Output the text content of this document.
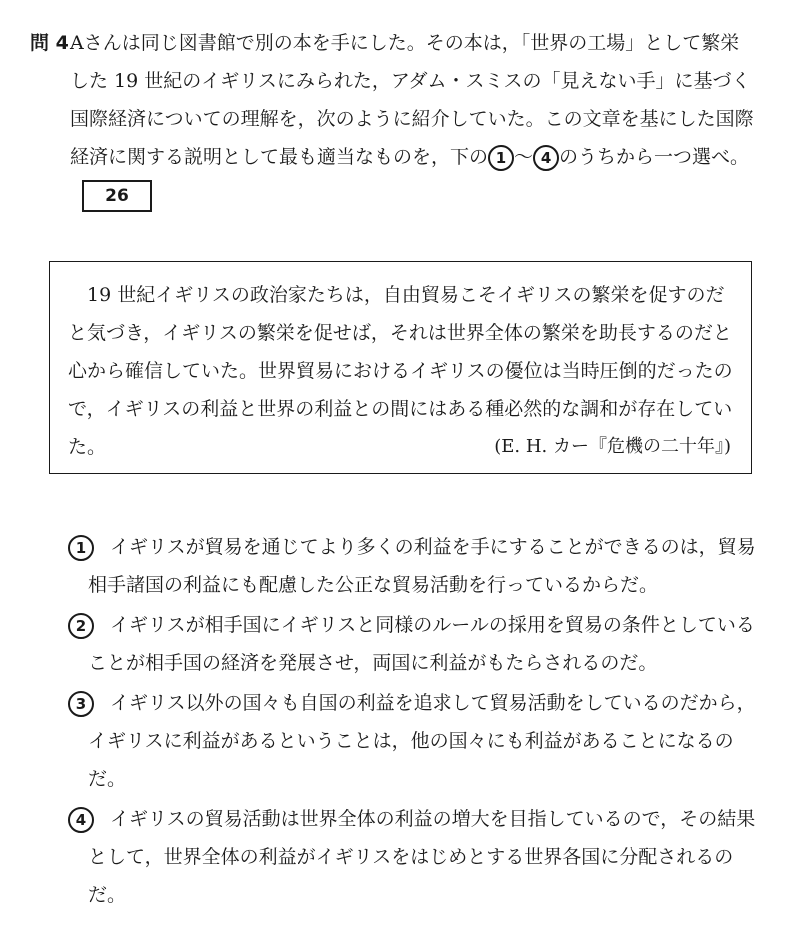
問 4 Aさんは同じ図書館で別の本を手にした。その本は，「世界の工場」として繁栄した 19 世紀のイギリスにみられた，アダム・スミスの「見えない手」に基づく国際経済についての理解を，次のように紹介していた。この文章を基にした国際経済に関する説明として最も適当なものを，下の 1 〜 4 のうちから一つ選べ。26
19 世紀イギリスの政治家たちは，自由貿易こそイギリスの繁栄を促すのだと気づき，イギリスの繁栄を促せば，それは世界全体の繁栄を助長するのだと心から確信していた。世界貿易におけるイギリスの優位は当時圧倒的だったので，イギリスの利益と世界の利益との間にはある種必然的な調和が存在していた。	(E. H. カー『危機の二十年』)
1	イギリスが貿易を通じてより多くの利益を手にすることができるのは，貿易相手諸国の利益にも配慮した公正な貿易活動を行っているからだ。
2	イギリスが相手国にイギリスと同様のルールの採用を貿易の条件としていることが相手国の経済を発展させ，両国に利益がもたらされるのだ。
3	イギリス以外の国々も自国の利益を追求して貿易活動をしているのだから，イギリスに利益があるということは，他の国々にも利益があることになるのだ。
4	イギリスの貿易活動は世界全体の利益の増大を目指しているので，その結果として，世界全体の利益がイギリスをはじめとする世界各国に分配されるのだ。
